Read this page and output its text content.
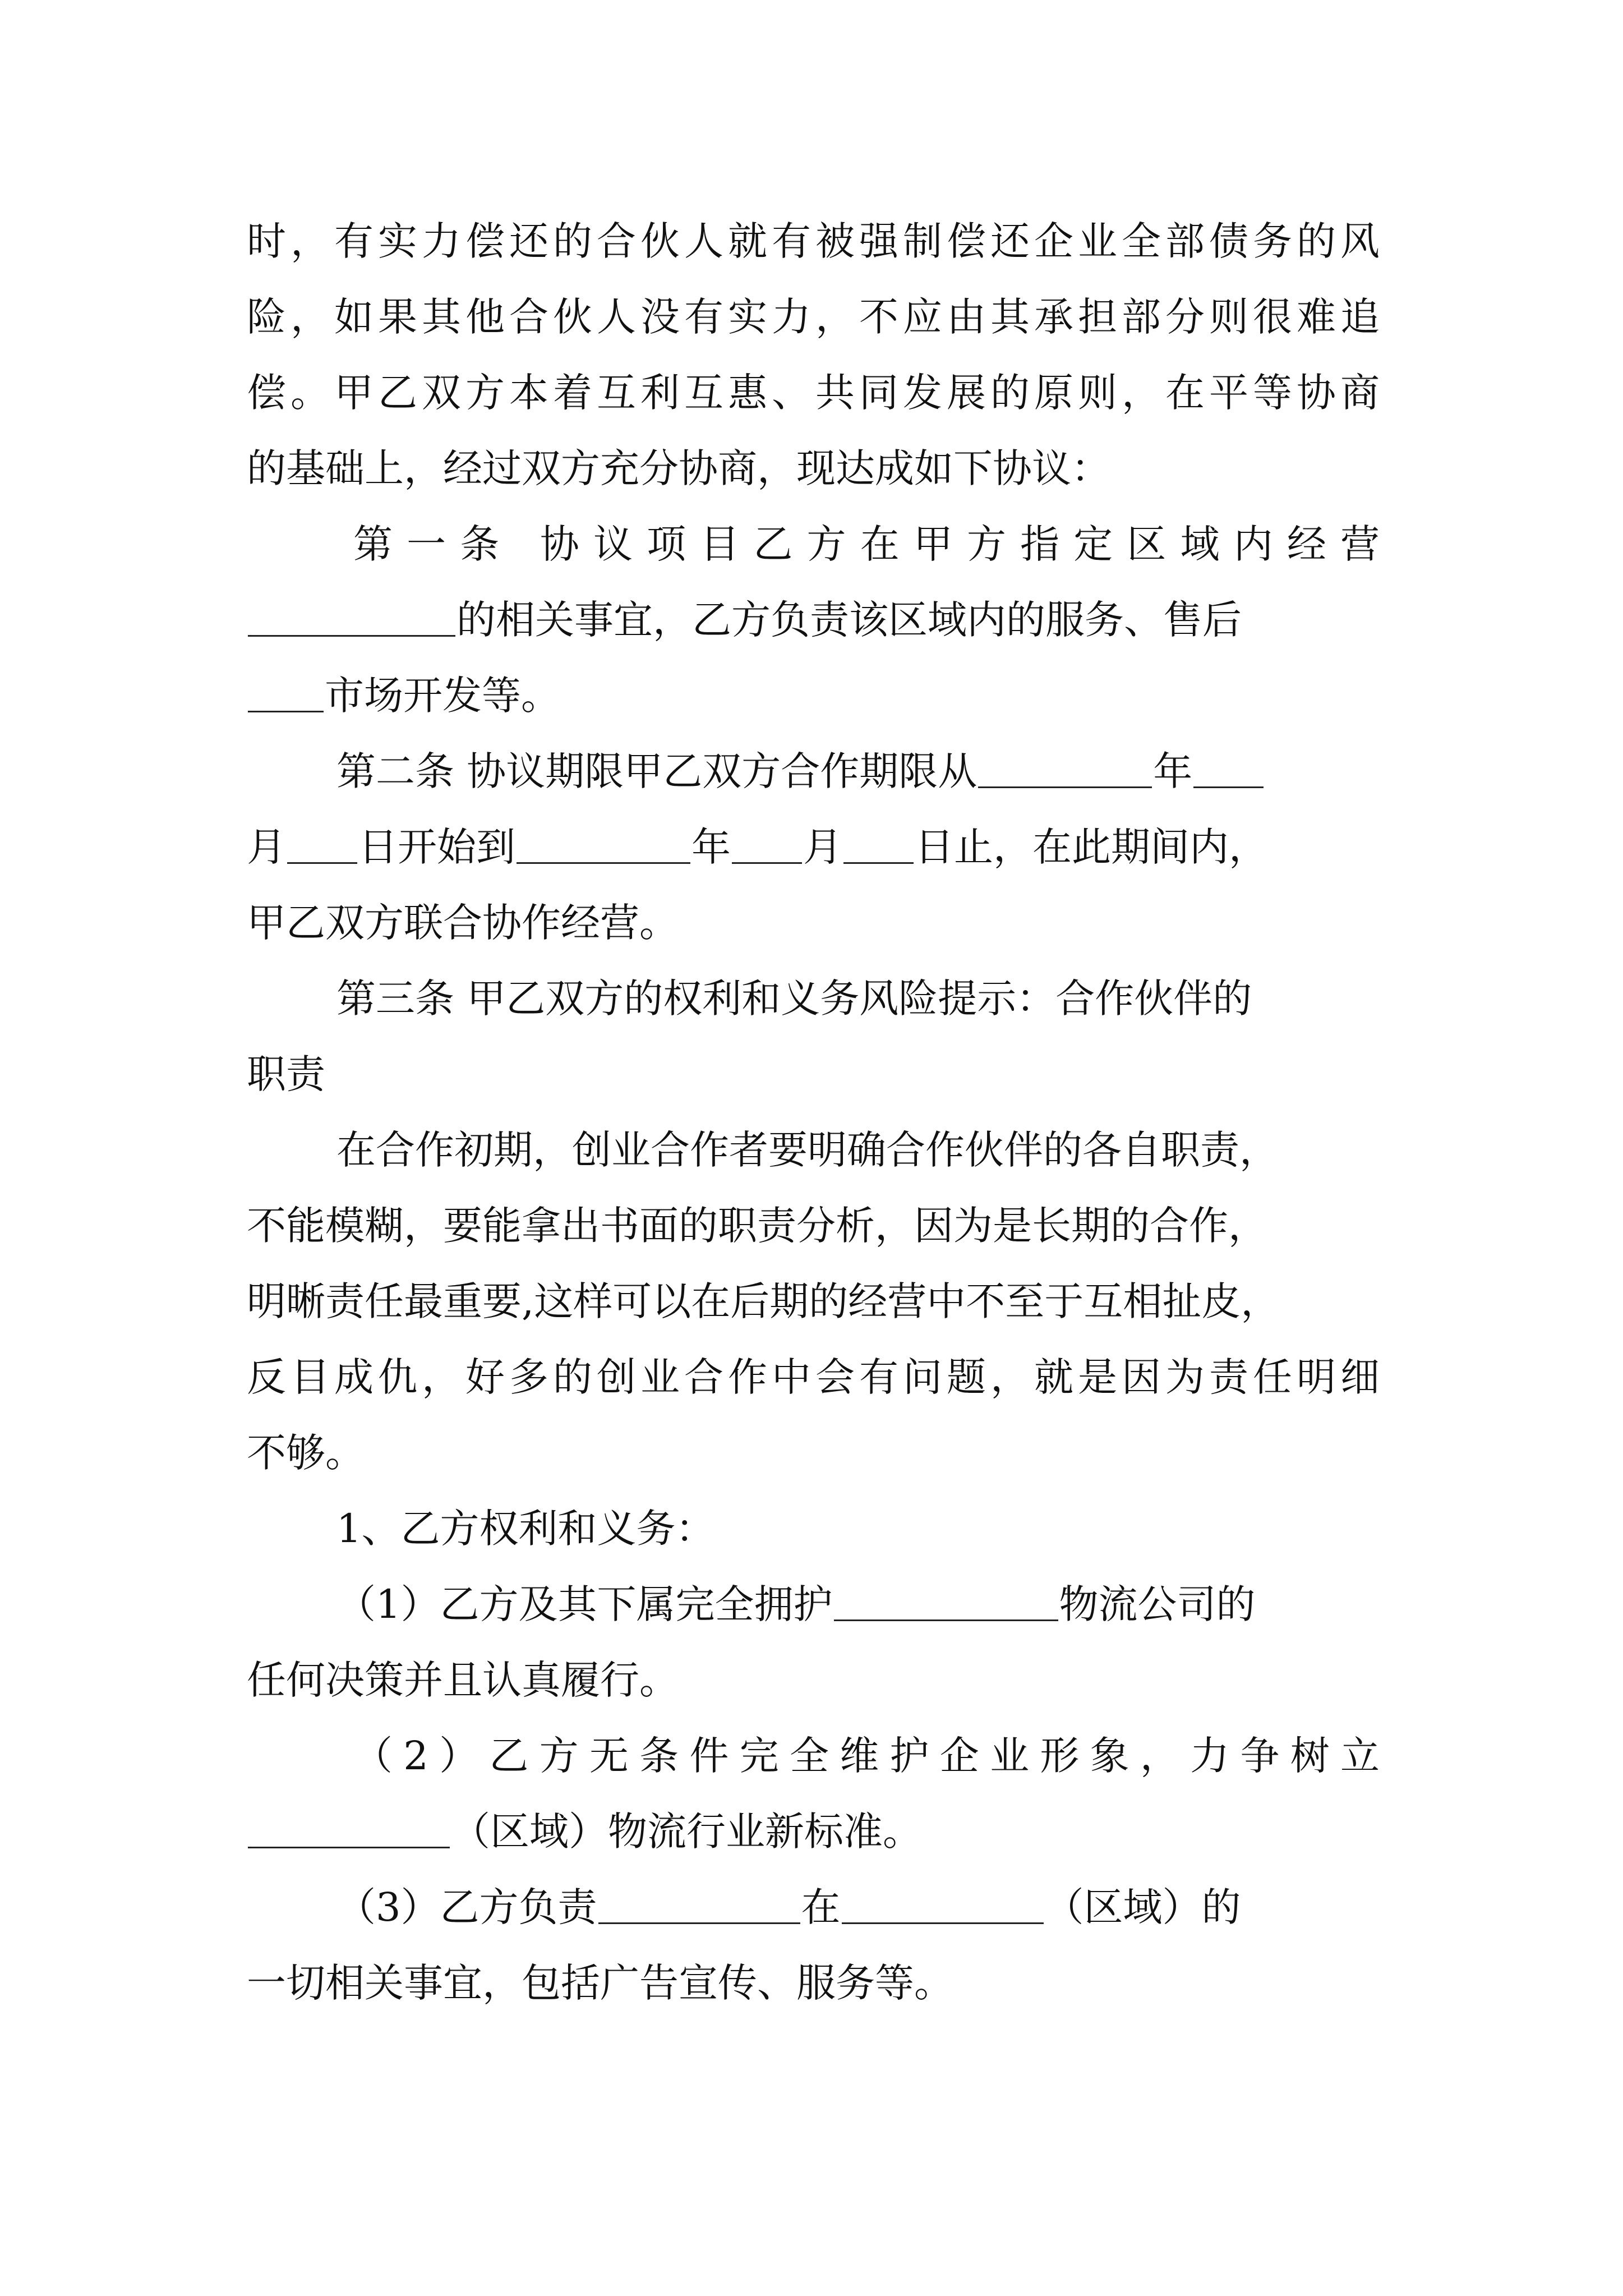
时，有实力偿还的合伙人就有被强制偿还企业全部债务的风
险，如果其他合伙人没有实力，不应由其承担部分则很难追
偿。甲乙双方本着互利互惠、共同发展的原则，在平等协商
的基础上，经过双方充分协商，现达成如下协议：
第一条 协议项目乙方在甲方指定区域内经营
的相关事宜，乙方负责该区域内的服务、售后
市场开发等。
第二条 协议期限甲乙双方合作期限从	年
月 日开始到	年 月 日止，在此期间内，
甲乙双方联合协作经营。
第三条 甲乙双方的权利和义务风险提示：合作伙伴的
职责
在合作初期，创业合作者要明确合作伙伴的各自职责，
不能模糊，要能拿出书面的职责分析，因为是长期的合作，
明晰责任最重要,这样可以在后期的经营中不至于互相扯皮，
反目成仇，好多的创业合作中会有问题，就是因为责任明细
不够。
1、乙方权利和义务：
（1）乙方及其下属完全拥护	物流公司的
任何决策并且认真履行。
（2）乙方无条件完全维护企业形象，力争树立
（区域）物流行业新标准。
（3）乙方负责	在	（区域）的
一切相关事宜，包括广告宣传、服务等。
